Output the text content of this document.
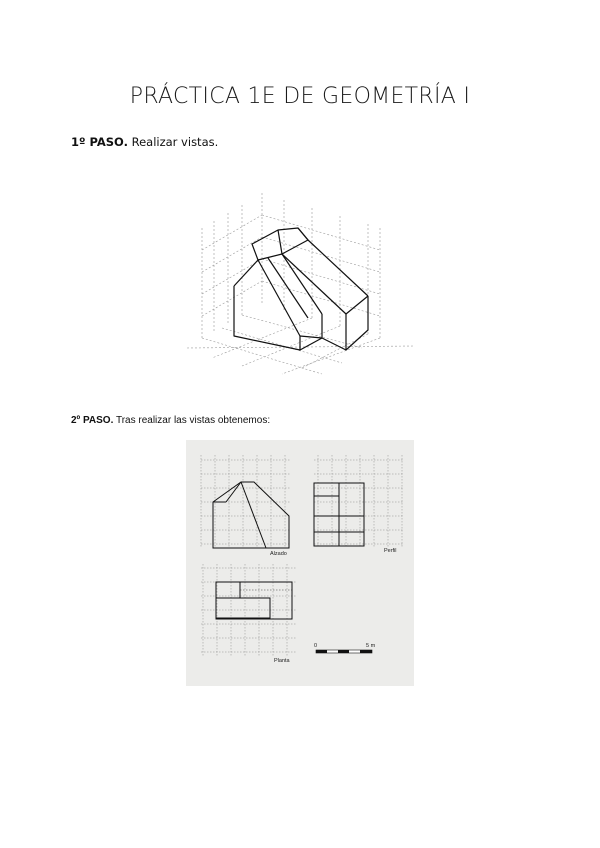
PRÁCTICA 1E DE GEOMETRÍA I
1º PASO. Realizar vistas.
2º PASO. Tras realizar las vistas obtenemos:
Alzado	Perfil
Planta
0	5 m
